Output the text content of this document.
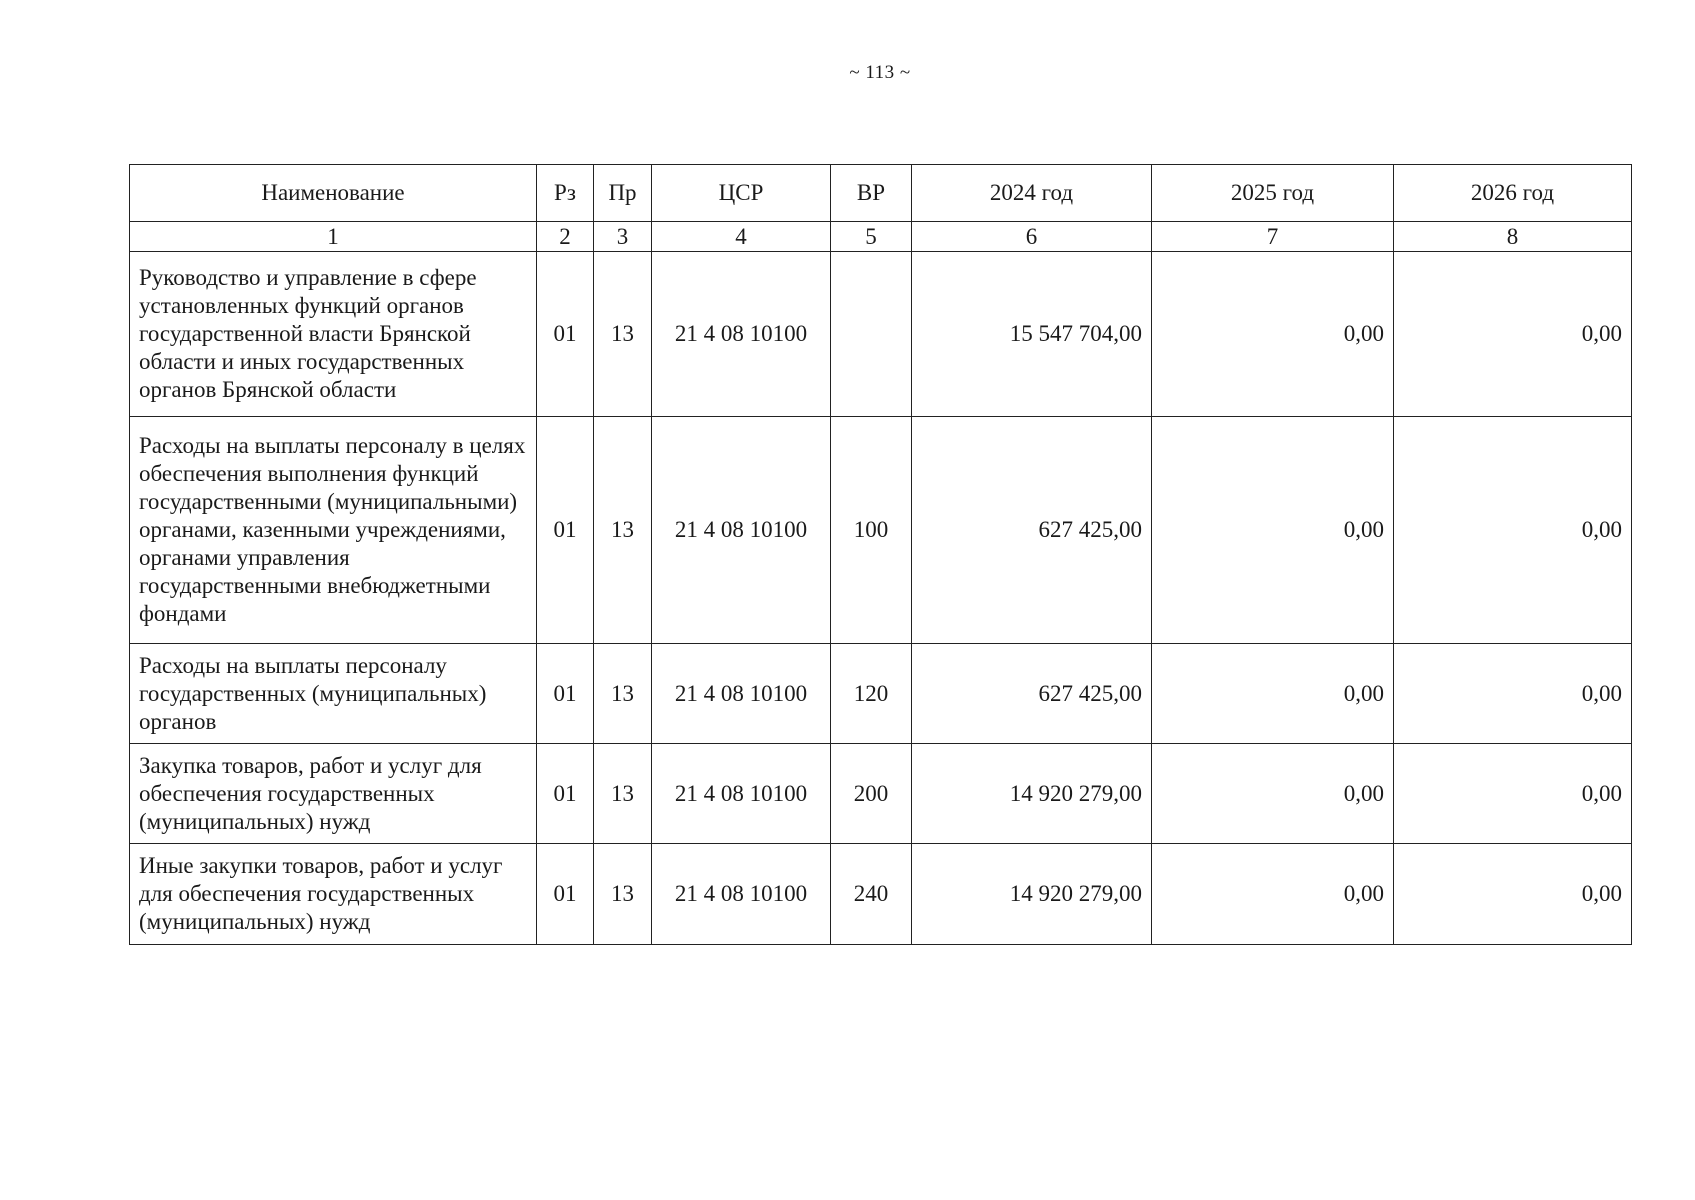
~ 113 ~
Наименование	Рз	Пр	ЦСР	ВР	2024 год	2025 год	2026 год
1	2	3	4	5	6	7	8
Руководство и управление в сфере установленных функций органов государственной власти Брянской области и иных государственных органов Брянской области	01	13	21 4 08 10100		15 547 704,00	0,00	0,00
Расходы на выплаты персоналу в целях обеспечения выполнения функций государственными (муниципальными) органами, казенными учреждениями, органами управления государственными внебюджетными фондами	01	13	21 4 08 10100	100	627 425,00	0,00	0,00
Расходы на выплаты персоналу государственных (муниципальных) органов	01	13	21 4 08 10100	120	627 425,00	0,00	0,00
Закупка товаров, работ и услуг для обеспечения государственных (муниципальных) нужд	01	13	21 4 08 10100	200	14 920 279,00	0,00	0,00
Иные закупки товаров, работ и услуг для обеспечения государственных (муниципальных) нужд	01	13	21 4 08 10100	240	14 920 279,00	0,00	0,00
